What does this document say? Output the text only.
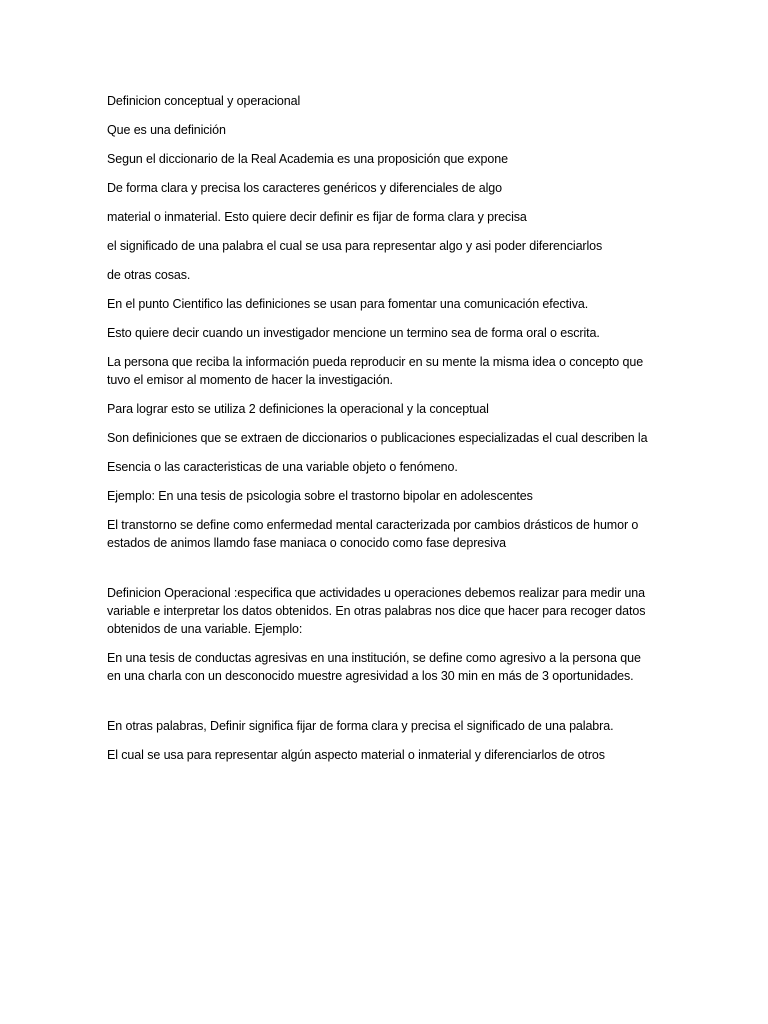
Definicion conceptual y operacional

Que es una definición

Segun el diccionario de la Real Academia es una proposición que expone

De forma clara y precisa los caracteres genéricos y diferenciales de algo

material o inmaterial. Esto quiere decir definir es fijar de forma clara y precisa

el significado de una palabra el cual se usa para representar algo y asi poder diferenciarlos

de otras cosas.

En el punto Cientifico las definiciones se usan para fomentar una comunicación efectiva.

Esto quiere decir cuando un investigador mencione un termino sea de forma oral o escrita.

La persona que reciba la información pueda reproducir en su mente la misma idea o concepto que
tuvo el emisor al momento de hacer la investigación.

Para lograr esto se utiliza 2 definiciones la operacional y la conceptual

Son definiciones que se extraen de diccionarios o publicaciones especializadas el cual describen la

Esencia o las caracteristicas de una variable objeto o fenómeno.

Ejemplo: En una tesis de psicologia sobre el trastorno bipolar en adolescentes

El transtorno se define como enfermedad mental caracterizada por cambios drásticos de humor o
estados de animos llamdo fase maniaca o conocido como fase depresiva
Definicion Operacional :especifica que actividades u operaciones debemos realizar para medir una
variable e interpretar los datos obtenidos. En otras palabras nos dice que hacer para recoger datos
obtenidos de una variable. Ejemplo:
En una tesis de conductas agresivas en una institución, se define como agresivo a la persona que
en una charla con un desconocido muestre agresividad a los 30 min en más de 3 oportunidades.

En otras palabras, Definir significa fijar de forma clara y precisa el significado de una palabra.

El cual se usa para representar algún aspecto material o inmaterial y diferenciarlos de otros
